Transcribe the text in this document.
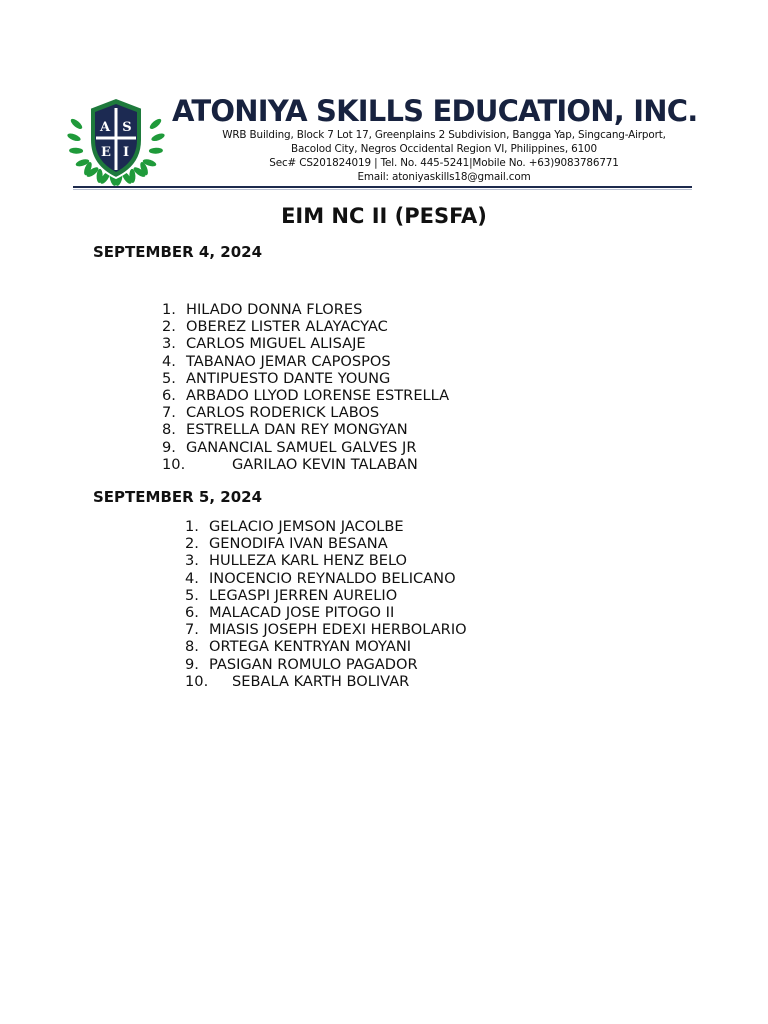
A S
E I
ATONIYA SKILLS EDUCATION, INC.
WRB Building, Block 7 Lot 17, Greenplains 2 Subdivision, Bangga Yap, Singcang-Airport,
Bacolod City, Negros Occidental Region VI, Philippines, 6100
Sec# CS201824019 | Tel. No. 445-5241|Mobile No. +63)9083786771
Email: atoniyaskills18@gmail.com
EIM NC II (PESFA)
SEPTEMBER 4, 2024
1. HILADO DONNA FLORES
2. OBEREZ LISTER ALAYACYAC
3. CARLOS MIGUEL ALISAJE
4. TABANAO JEMAR CAPOSPOS
5. ANTIPUESTO DANTE YOUNG
6. ARBADO LLYOD LORENSE ESTRELLA
7. CARLOS RODERICK LABOS
8. ESTRELLA DAN REY MONGYAN
9. GANANCIAL SAMUEL GALVES JR
10.	GARILAO KEVIN TALABAN
SEPTEMBER 5, 2024
1. GELACIO JEMSON JACOLBE
2. GENODIFA IVAN BESANA
3. HULLEZA KARL HENZ BELO
4. INOCENCIO REYNALDO BELICANO
5. LEGASPI JERREN AURELIO
6. MALACAD JOSE PITOGO II
7. MIASIS JOSEPH EDEXI HERBOLARIO
8. ORTEGA KENTRYAN MOYANI
9. PASIGAN ROMULO PAGADOR
10. SEBALA KARTH BOLIVAR
